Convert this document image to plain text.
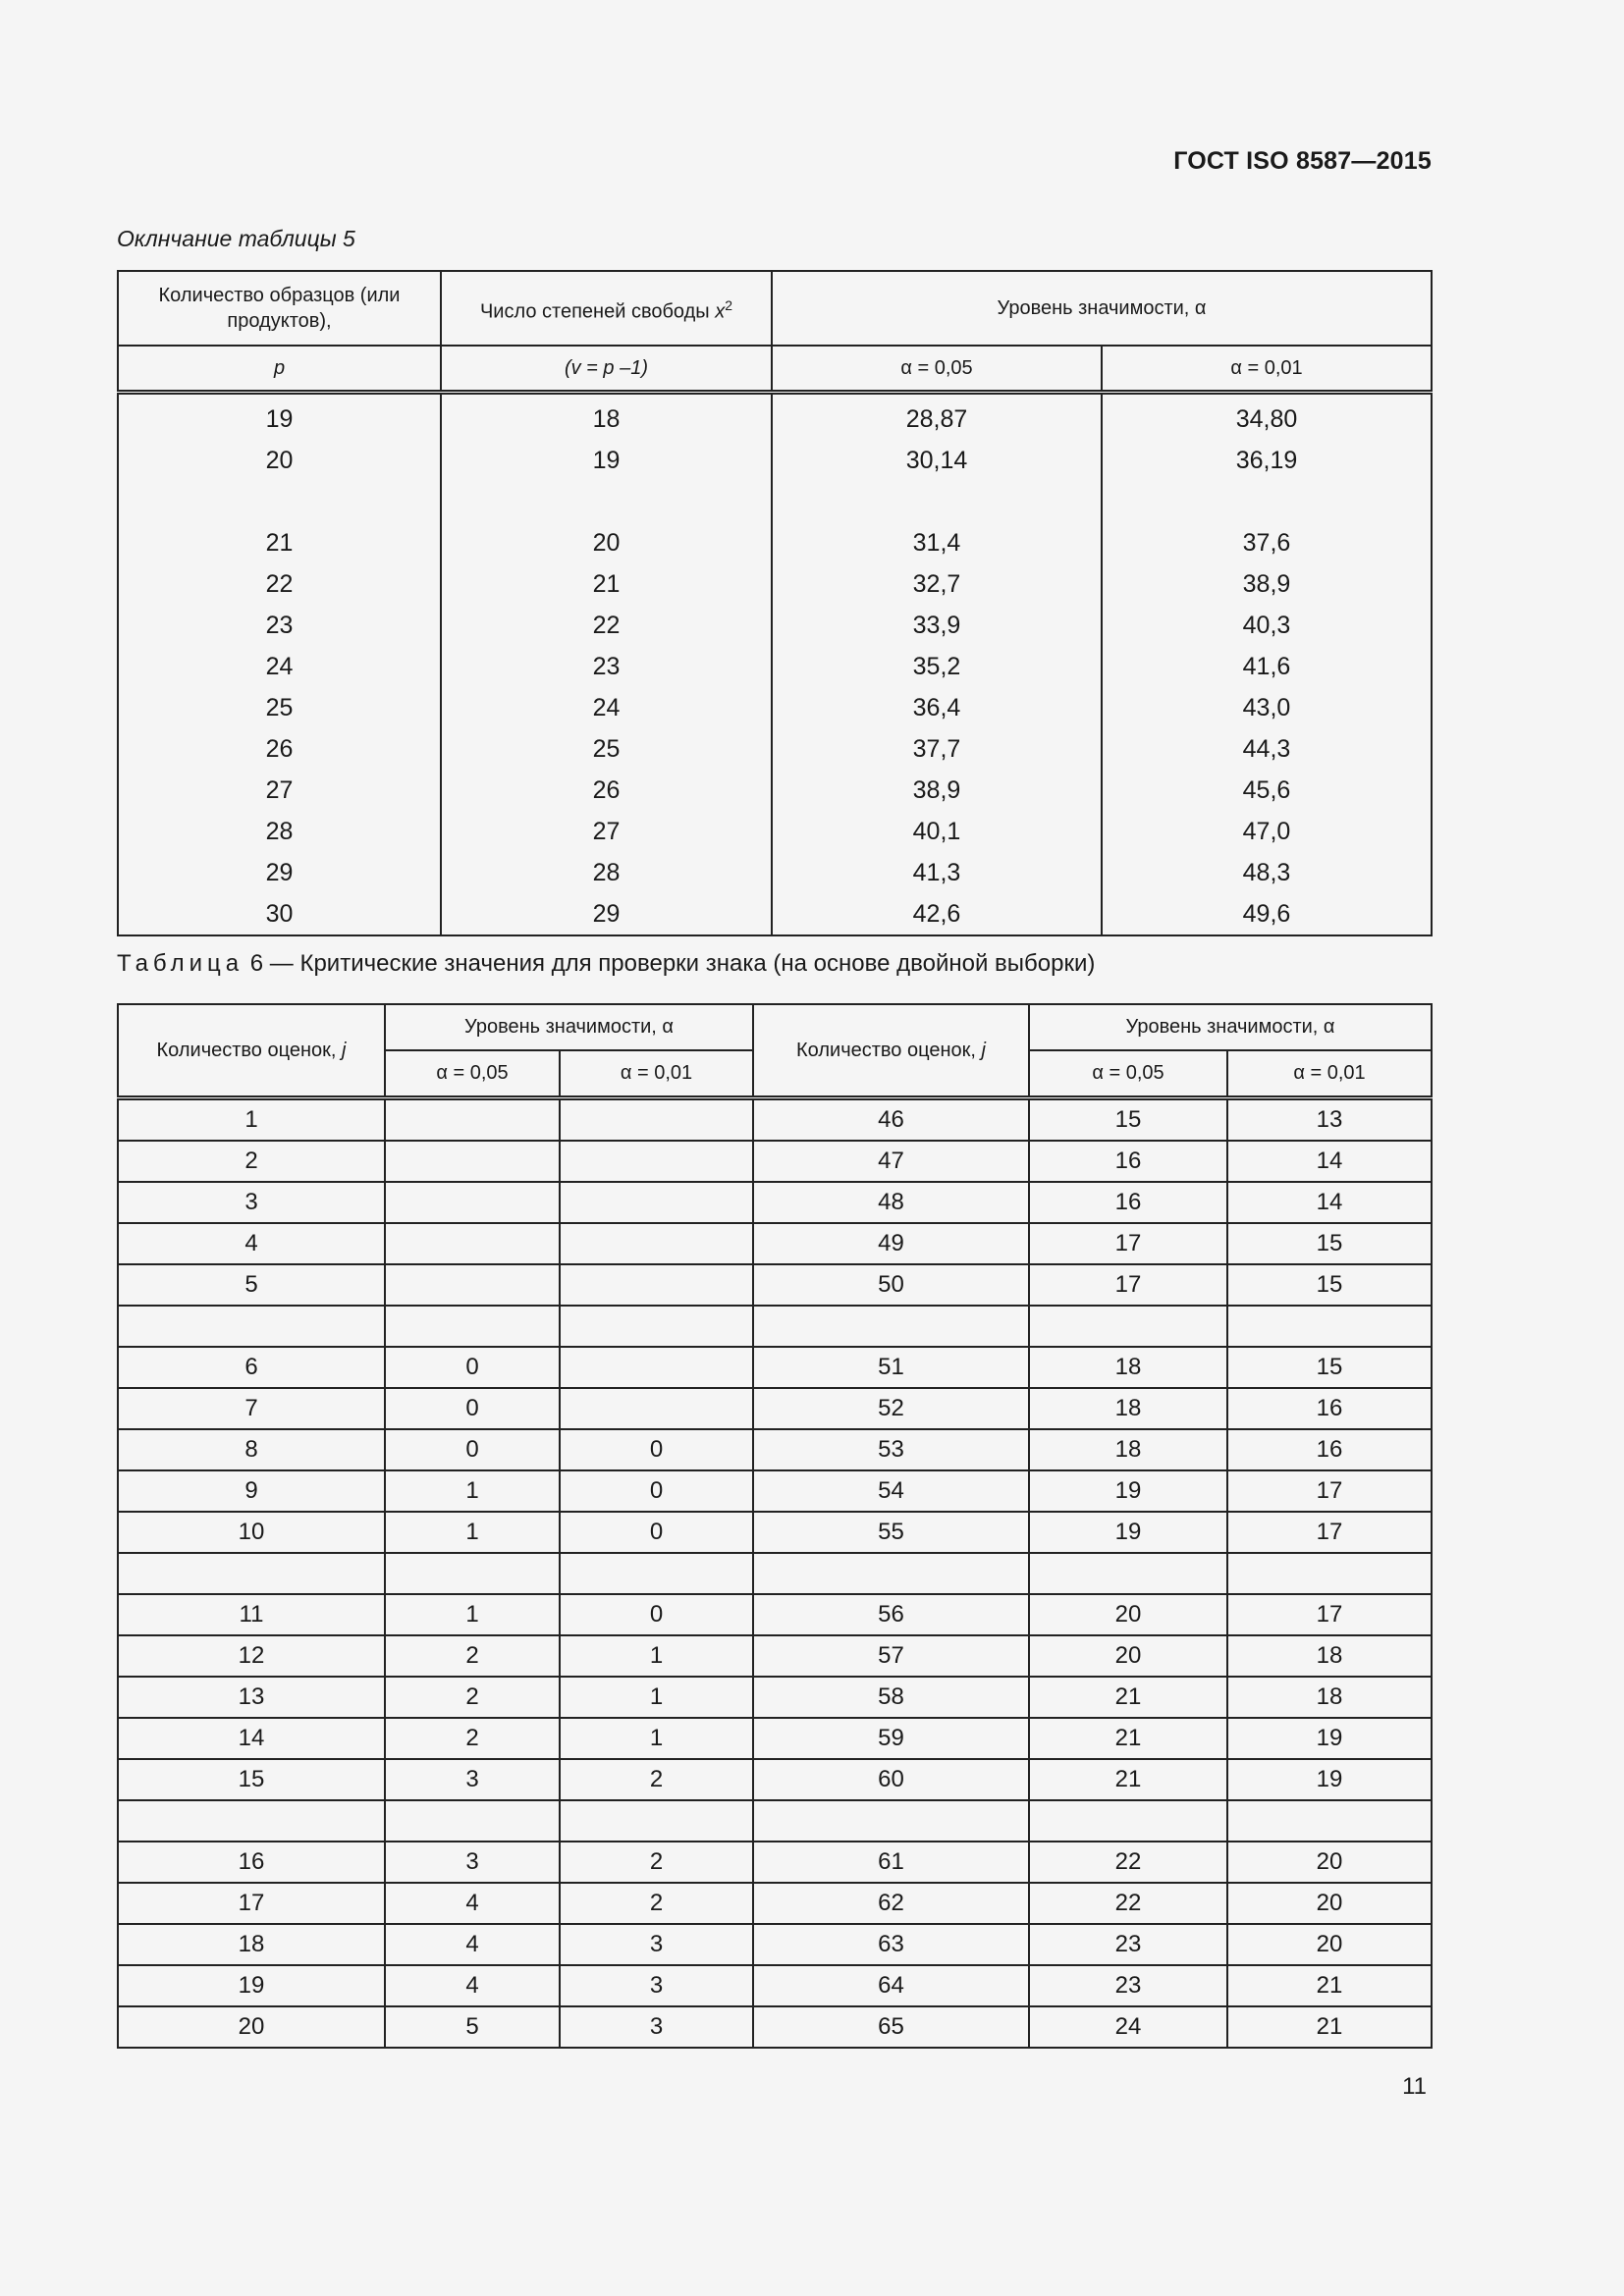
ГОСТ ISO 8587—2015
Оклнчание таблицы 5
Количество образцов (или продуктов),	Число степеней свободы $x^2$	Уровень значимости, α	
p	(v = p –1)	α = 0,05	α = 0,01
19	18	28,87	34,80
20	19	30,14	36,19

21	20	31,4	37,6
22	21	32,7	38,9
23	22	33,9	40,3
24	23	35,2	41,6
25	24	36,4	43,0
26	25	37,7	44,3
27	26	38,9	45,6
28	27	40,1	47,0
29	28	41,3	48,3
30	29	42,6	49,6
Таблица 6 — Критические значения для проверки знака (на основе двойной выборки)
Количество оценок, j	Уровень значимости, α		Количество оценок, j	Уровень значимости, α	
	α = 0,05	α = 0,01		α = 0,05	α = 0,01
1			46	15	13
2			47	16	14
3			48	16	14
4			49	17	15
5			50	17	15

6	0		51	18	15
7	0		52	18	16
8	0	0	53	18	16
9	1	0	54	19	17
10	1	0	55	19	17

11	1	0	56	20	17
12	2	1	57	20	18
13	2	1	58	21	18
14	2	1	59	21	19
15	3	2	60	21	19

16	3	2	61	22	20
17	4	2	62	22	20
18	4	3	63	23	20
19	4	3	64	23	21
20	5	3	65	24	21
11
